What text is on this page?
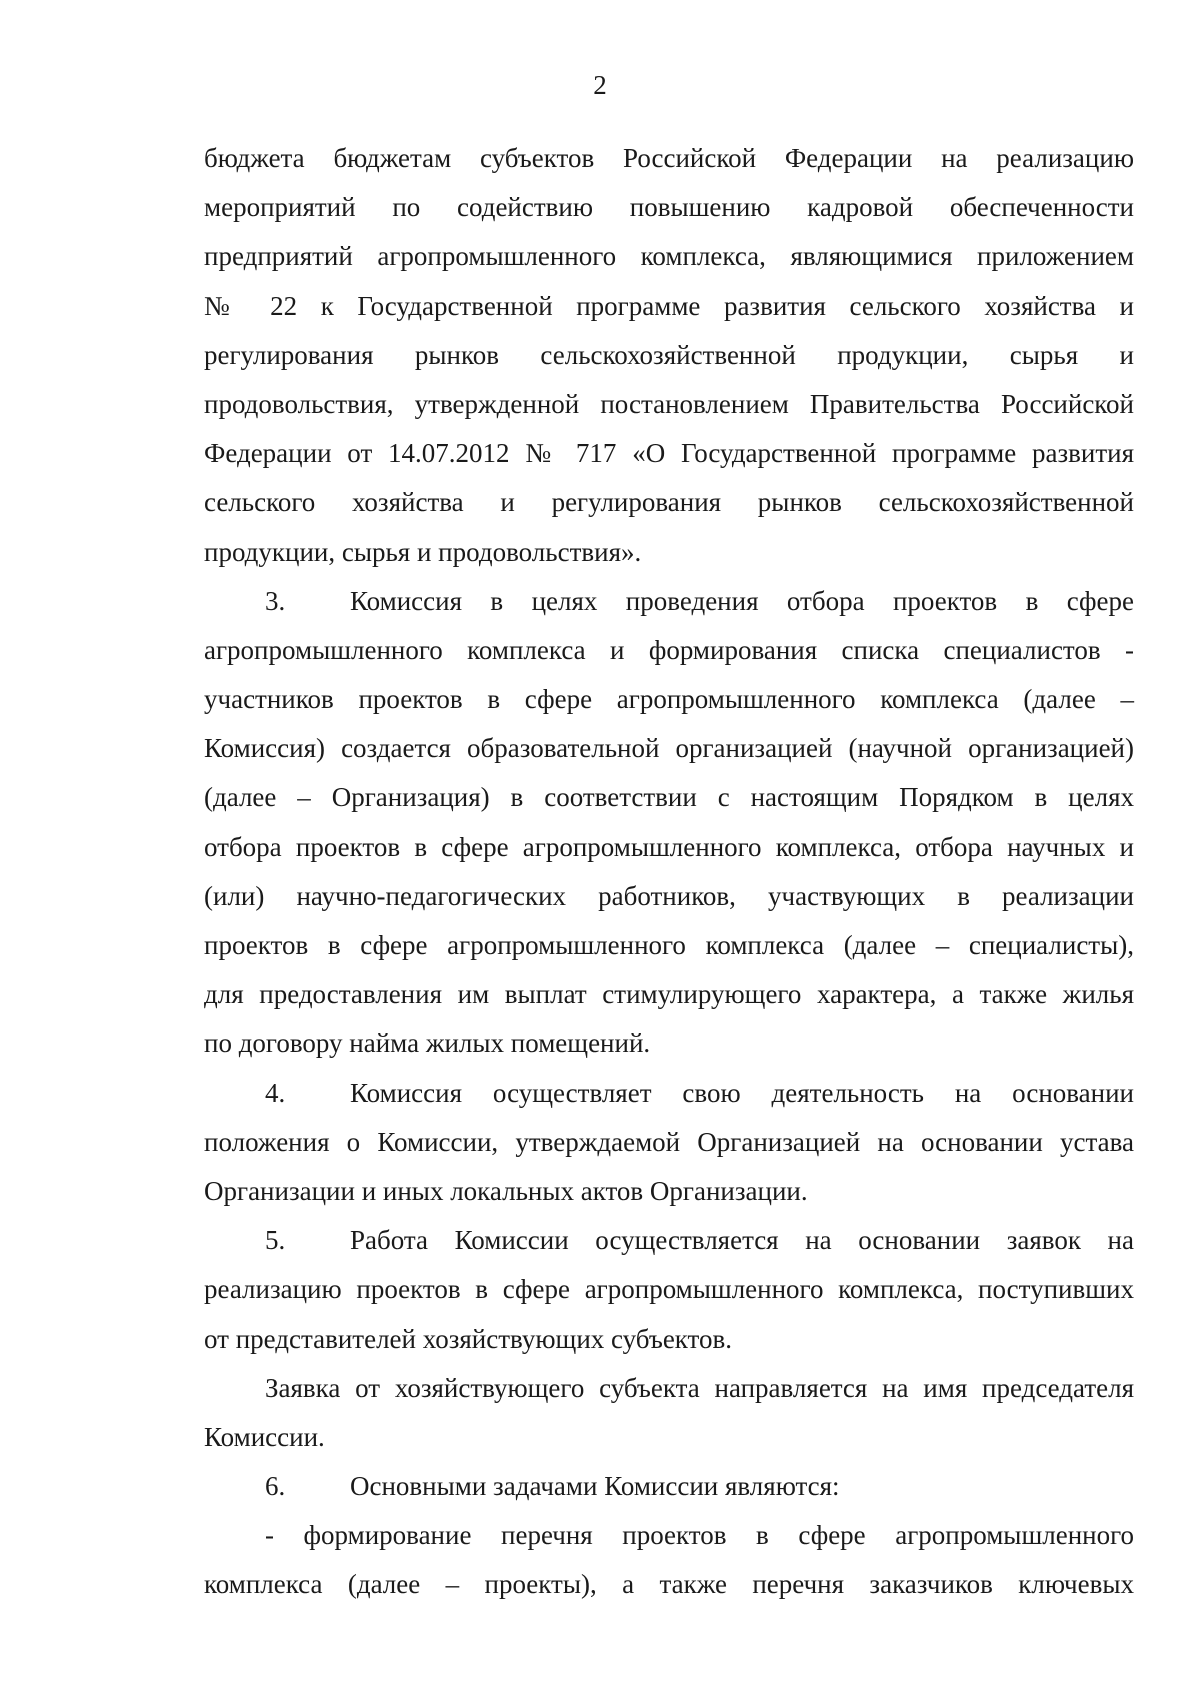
2
бюджета бюджетам субъектов Российской Федерации на реализацию
мероприятий по содействию повышению кадровой обеспеченности
предприятий агропромышленного комплекса, являющимися приложением
№ 22 к Государственной программе развития сельского хозяйства и
регулирования рынков сельскохозяйственной продукции, сырья и
продовольствия, утвержденной постановлением Правительства Российской
Федерации от 14.07.2012 № 717 «О Государственной программе развития
сельского хозяйства и регулирования рынков сельскохозяйственной
продукции, сырья и продовольствия».
3.	Комиссия в целях проведения отбора проектов в сфере
агропромышленного комплекса и формирования списка специалистов -
участников проектов в сфере агропромышленного комплекса (далее –
Комиссия) создается образовательной организацией (научной организацией)
(далее – Организация) в соответствии с настоящим Порядком в целях
отбора проектов в сфере агропромышленного комплекса, отбора научных и
(или) научно-педагогических работников, участвующих в реализации
проектов в сфере агропромышленного комплекса (далее – специалисты),
для предоставления им выплат стимулирующего характера, а также жилья
по договору найма жилых помещений.
4.	Комиссия осуществляет свою деятельность на основании
положения о Комиссии, утверждаемой Организацией на основании устава
Организации и иных локальных актов Организации.
5.	Работа Комиссии осуществляется на основании заявок на
реализацию проектов в сфере агропромышленного комплекса, поступивших
от представителей хозяйствующих субъектов.
Заявка от хозяйствующего субъекта направляется на имя председателя
Комиссии.
6.	Основными задачами Комиссии являются:
- формирование перечня проектов в сфере агропромышленного
комплекса (далее – проекты), а также перечня заказчиков ключевых
